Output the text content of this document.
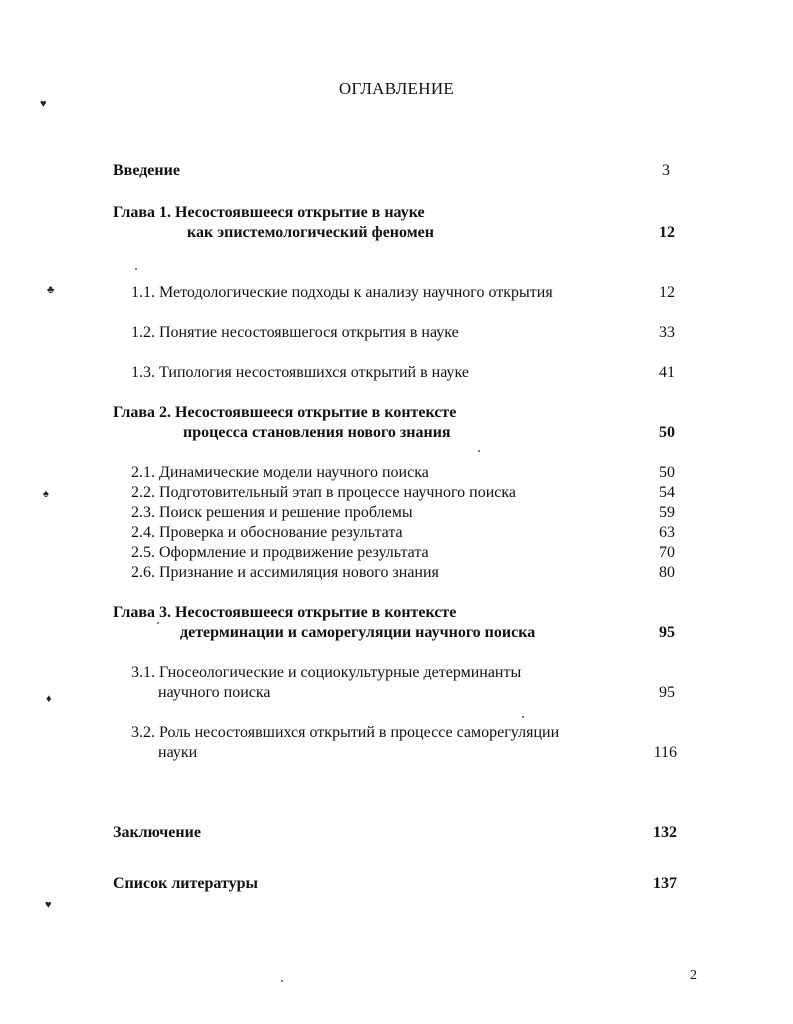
ОГЛАВЛЕНИЕ
Введение	3
Глава 1. Несостоявшееся открытие в науке
как эпистемологический феномен	12
1.1. Методологические подходы к анализу научного открытия	12
1.2. Понятие несостоявшегося открытия в науке	33
1.3. Типология несостоявшихся открытий в науке	41
Глава 2. Несостоявшееся открытие в контексте
процесса становления нового знания	50
2.1. Динамические модели научного поиска	50
2.2. Подготовительный этап в процессе научного поиска	54
2.3. Поиск решения и решение проблемы	59
2.4. Проверка и обоснование результата	63
2.5. Оформление и продвижение результата	70
2.6. Признание и ассимиляция нового знания	80
Глава 3. Несостоявшееся открытие в контексте
детерминации и саморегуляции научного поиска	95
3.1. Гносеологические и социокультурные детерминанты
научного поиска	95
3.2. Роль несостоявшихся открытий в процессе саморегуляции
науки	116
Заключение	132
Список литературы	137
2
♥
♣
♠
♦
♥
